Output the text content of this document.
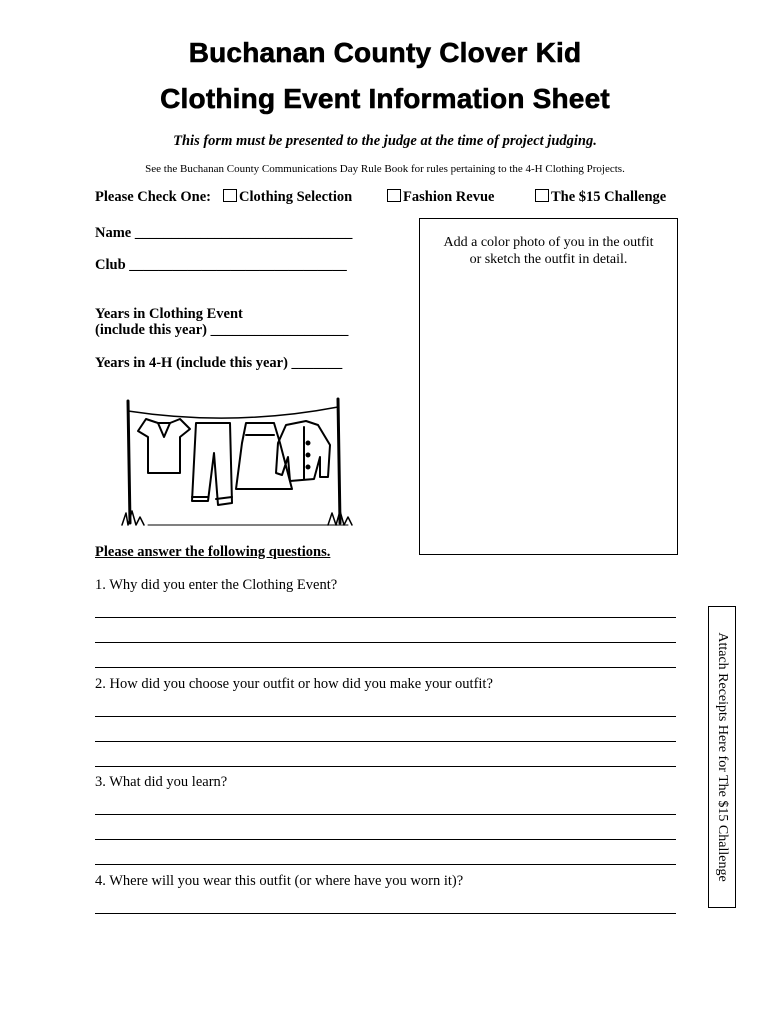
Buchanan County Clover Kid
Clothing Event Information Sheet
This form must be presented to the judge at the time of project judging.
See the Buchanan County Communications Day Rule Book for rules pertaining to the 4-H Clothing Projects.
Please Check One:	Clothing Selection	Fashion Revue	The $15 Challenge
Name ______________________________
Club ______________________________
Years in Clothing Event
(include this year) ___________________
Years in 4-H (include this year) _______
Add a color photo of you in the outfit
or sketch the outfit in detail.
Please answer the following questions.
1. Why did you enter the Clothing Event?
2. How did you choose your outfit or how did you make your outfit?
3. What did you learn?
4. Where will you wear this outfit (or where have you worn it)?	Attach Receipts Here for The $15 Challenge
